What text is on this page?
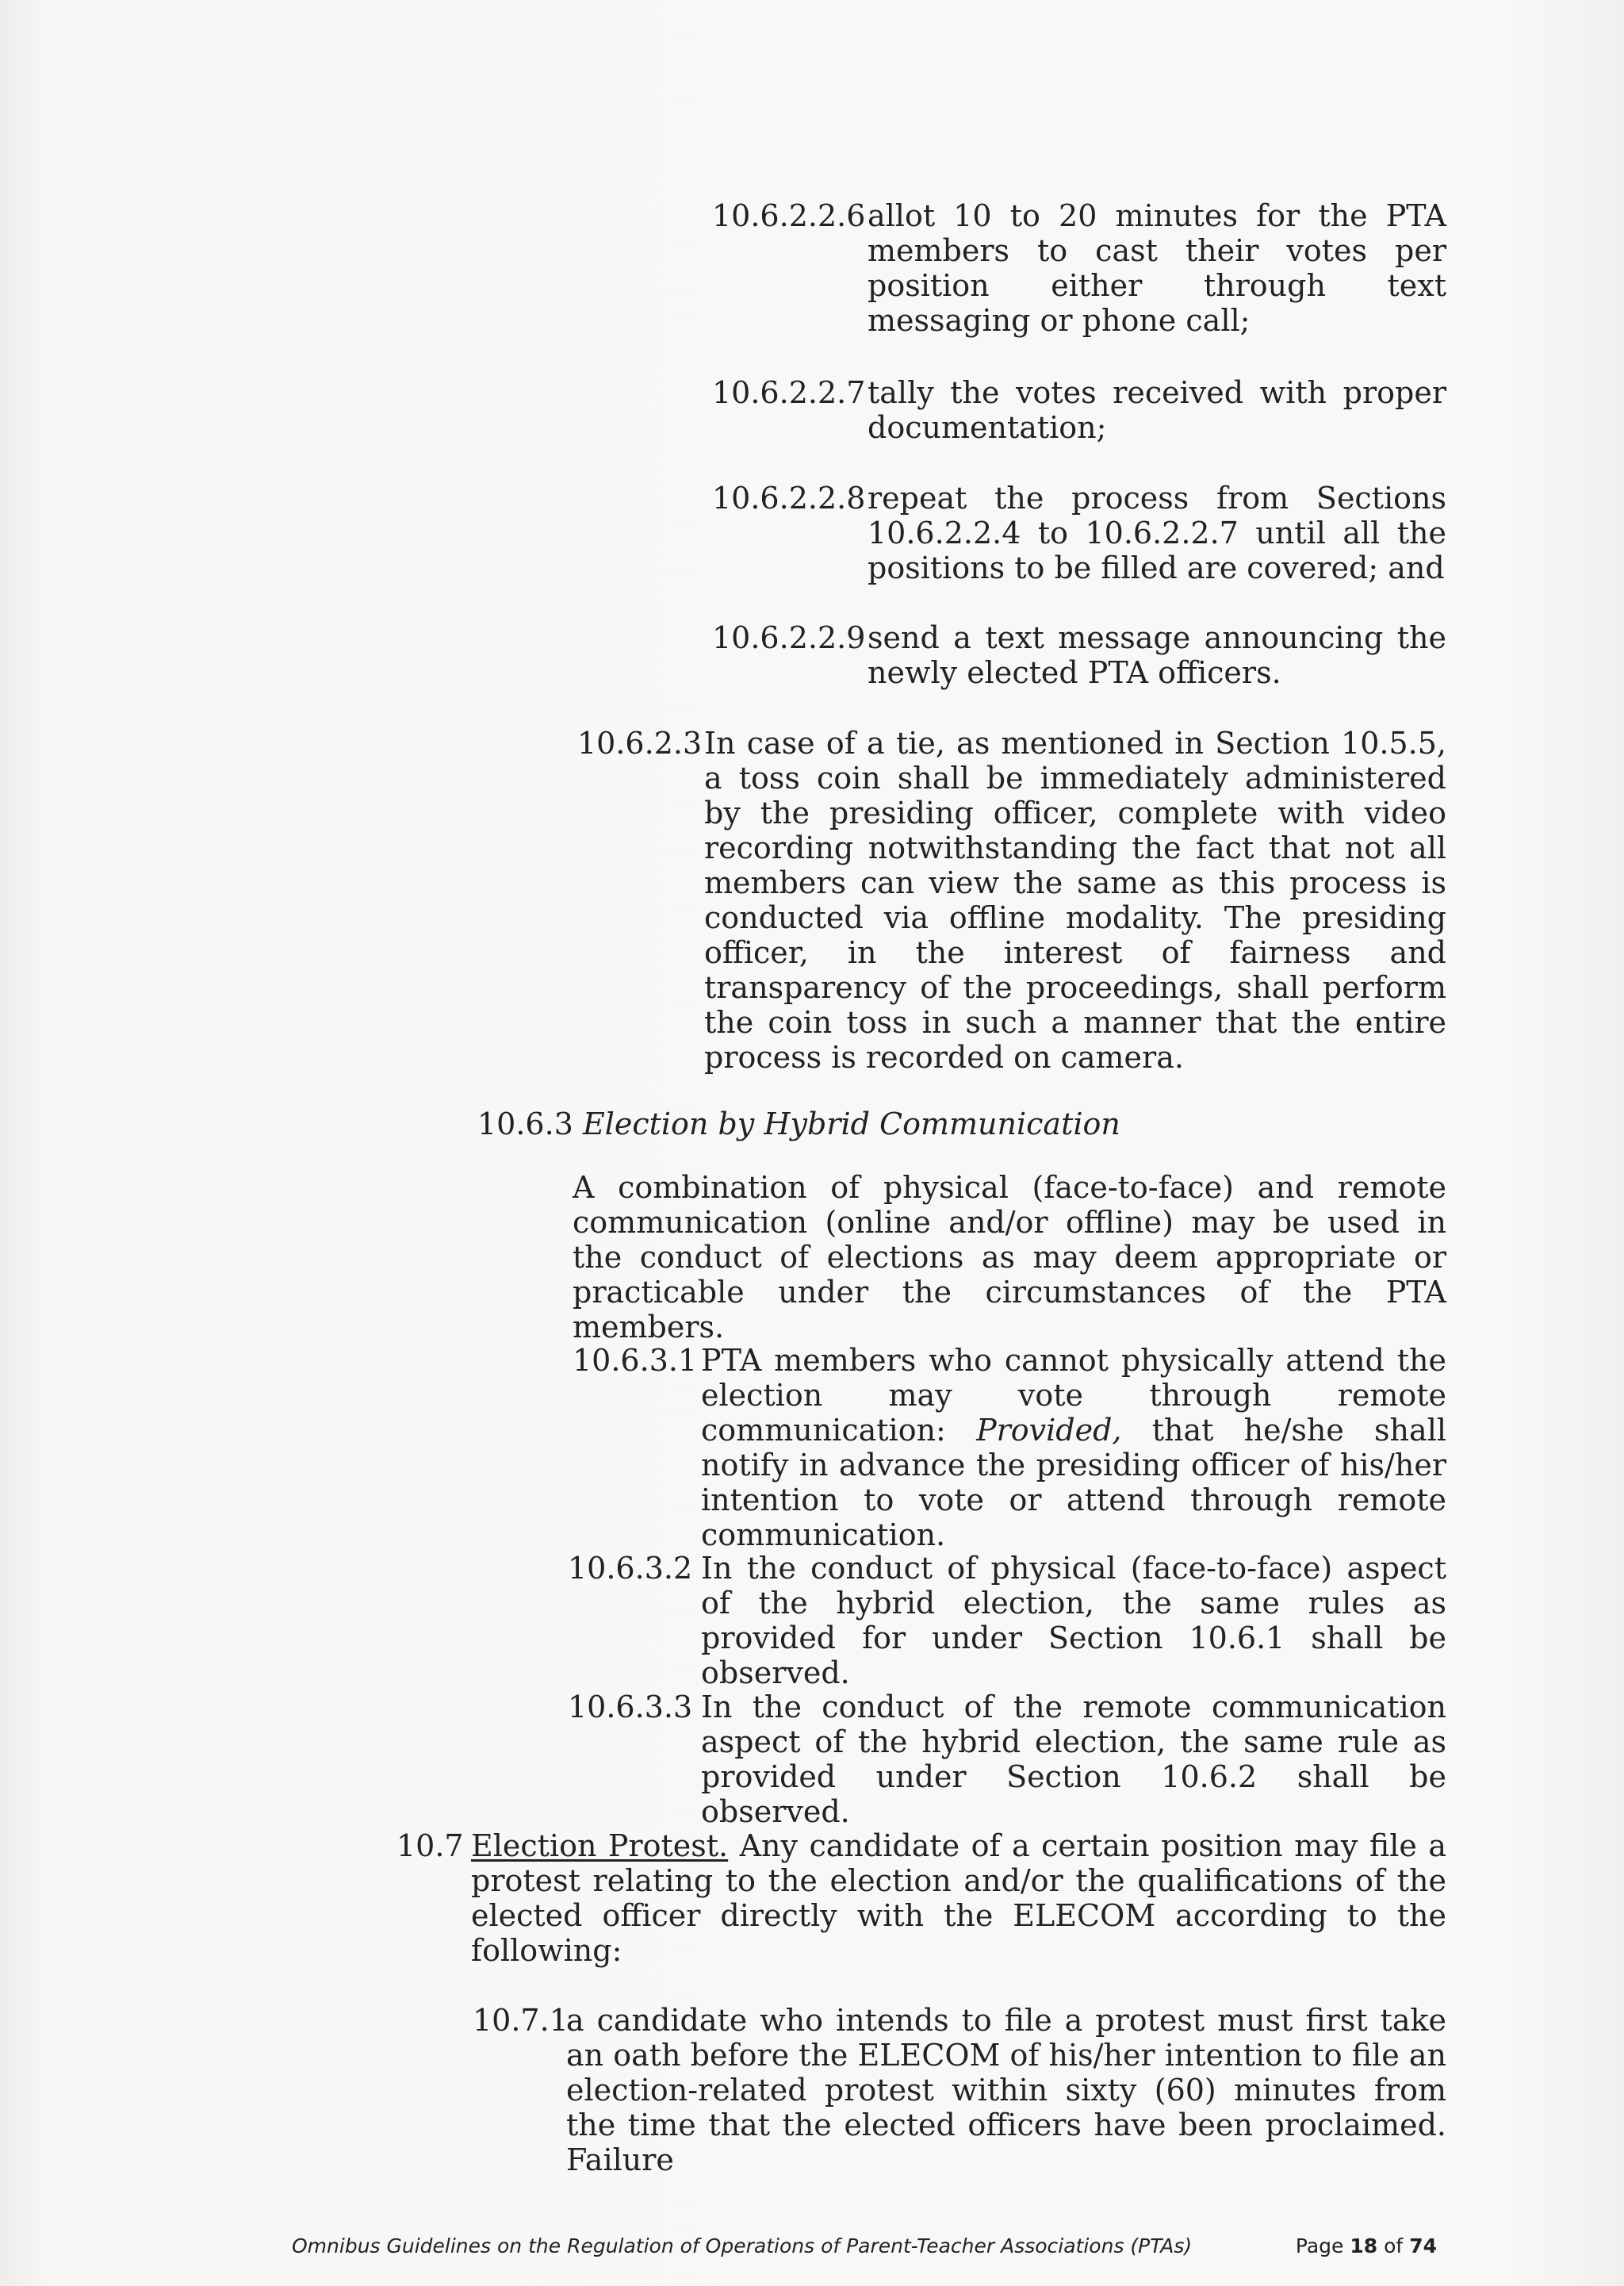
10.6.2.2.6 allot 10 to 20 minutes for the PTA members to cast their votes per position either through text messaging or phone call;
10.6.2.2.7 tally the votes received with proper documentation;
10.6.2.2.8 repeat the process from Sections 10.6.2.2.4 to 10.6.2.2.7 until all the positions to be filled are covered; and
10.6.2.2.9 send a text message announcing the newly elected PTA officers.
10.6.2.3 In case of a tie, as mentioned in Section 10.5.5, a toss coin shall be immediately administered by the presiding officer, complete with video recording notwithstanding the fact that not all members can view the same as this process is conducted via offline modality. The presiding officer, in the interest of fairness and transparency of the proceedings, shall perform the coin toss in such a manner that the entire process is recorded on camera.
10.6.3 Election by Hybrid Communication
A combination of physical (face-to-face) and remote communication (online and/or offline) may be used in the conduct of elections as may deem appropriate or practicable under the circumstances of the PTA members.
10.6.3.1 PTA members who cannot physically attend the election may vote through remote communication: Provided, that he/she shall notify in advance the presiding officer of his/her intention to vote or attend through remote communication.
10.6.3.2 In the conduct of physical (face-to-face) aspect of the hybrid election, the same rules as provided for under Section 10.6.1 shall be observed.
10.6.3.3 In the conduct of the remote communication aspect of the hybrid election, the same rule as provided under Section 10.6.2 shall be observed.
10.7 Election Protest. Any candidate of a certain position may file a protest relating to the election and/or the qualifications of the elected officer directly with the ELECOM according to the following:
10.7.1
a candidate who intends to file a protest must first take an oath before the ELECOM of his/her intention to file an election-related protest within sixty (60) minutes from the time that the elected officers have been proclaimed. Failure
Omnibus Guidelines on the Regulation of Operations of Parent-Teacher Associations (PTAs)	Page 18 of 74
